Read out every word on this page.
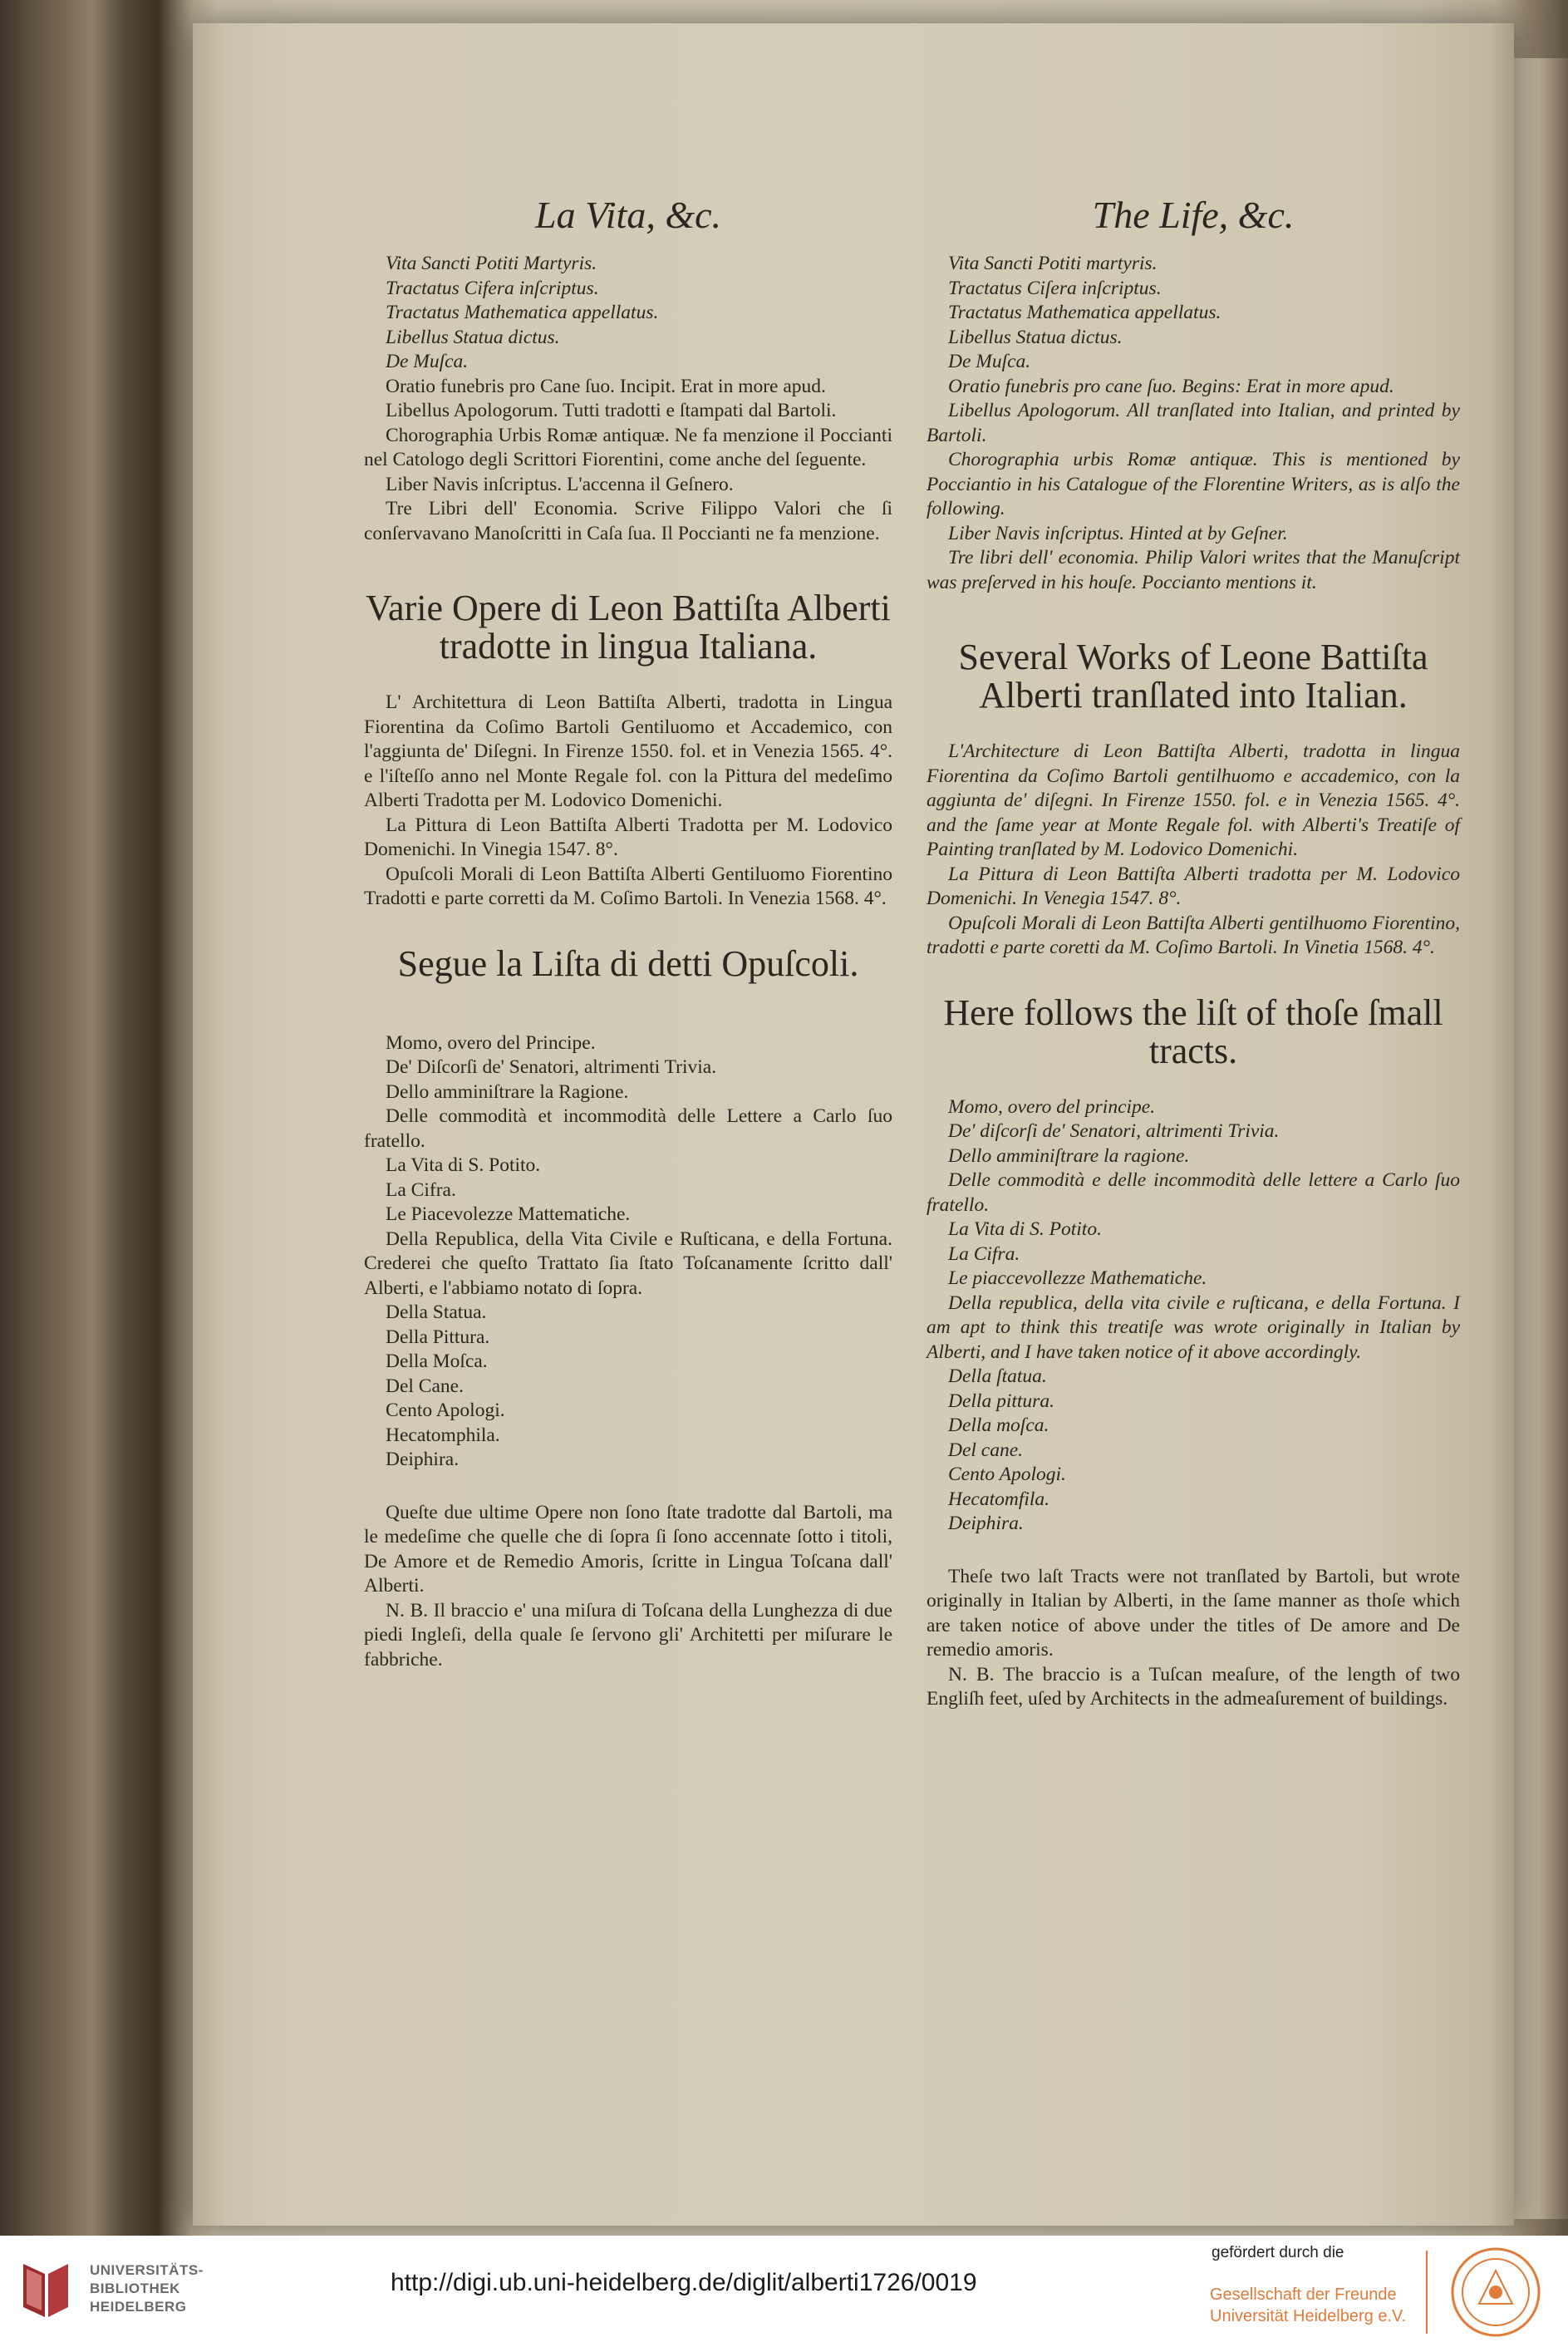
La Vita, &c.

Vita Sancti Potiti Martyris.

Tractatus Cifera inſcriptus.

Tractatus Mathematica appellatus.

Libellus Statua dictus.

De Muſca.

Oratio funebris pro Cane ſuo. Incipit. Erat in more apud.

Libellus Apologorum. Tutti tradotti e ſtampati dal Bartoli.

Chorographia Urbis Romæ antiquæ. Ne fa menzione il Poccianti nel Catologo degli Scrittori Fiorentini, come anche del ſeguente.

Liber Navis inſcriptus. L'accenna il Geſnero.

Tre Libri dell' Economia. Scrive Filippo Valori che ſi conſervavano Manoſcritti in Caſa ſua. Il Poccianti ne fa menzione.

Varie Opere di Leon Battiſta Alberti tradotte in lingua Italiana.

L' Architettura di Leon Battiſta Alberti, tradotta in Lingua Fiorentina da Coſimo Bartoli Gentiluomo et Accademico, con l'aggiunta de' Diſegni. In Firenze 1550. fol. et in Venezia 1565. 4°. e l'iſteſſo anno nel Monte Regale fol. con la Pittura del medeſimo Alberti Tradotta per M. Lodovico Domenichi.

La Pittura di Leon Battiſta Alberti Tradotta per M. Lodovico Domenichi. In Vinegia 1547. 8°.

Opuſcoli Morali di Leon Battiſta Alberti Gentiluomo Fiorentino Tradotti e parte corretti da M. Coſimo Bartoli. In Venezia 1568. 4°.

Segue la Liſta di detti Opuſcoli.

Momo, overo del Principe.

De' Diſcorſi de' Senatori, altrimenti Trivia.

Dello amminiſtrare la Ragione.

Delle commodità et incommodità delle Lettere a Carlo ſuo fratello.

La Vita di S. Potito.

La Cifra.

Le Piacevolezze Mattematiche.

Della Republica, della Vita Civile e Ruſticana, e della Fortuna. Crederei che queſto Trattato ſia ſtato Toſcanamente ſcritto dall' Alberti, e l'abbiamo notato di ſopra.

Della Statua.

Della Pittura.

Della Moſca.

Del Cane.

Cento Apologi.

Hecatomphila.

Deiphira.

Queſte due ultime Opere non ſono ſtate tradotte dal Bartoli, ma le medeſime che quelle che di ſopra ſi ſono accennate ſotto i titoli, De Amore et de Remedio Amoris, ſcritte in Lingua Toſcana dall' Alberti.

N. B. Il braccio e' una miſura di Toſcana della Lunghezza di due piedi Ingleſi, della quale ſe ſervono gli' Architetti per miſurare le fabbriche.

The Life, &c.

Vita Sancti Potiti martyris.

Tractatus Ciſera inſcriptus.

Tractatus Mathematica appellatus.

Libellus Statua dictus.

De Muſca.

Oratio funebris pro cane ſuo. Begins: Erat in more apud.

Libellus Apologorum. All tranſlated into Italian, and printed by Bartoli.

Chorographia urbis Romæ antiquæ. This is mentioned by Pocciantio in his Catalogue of the Florentine Writers, as is alſo the following.

Liber Navis inſcriptus. Hinted at by Geſner.

Tre libri dell' economia. Philip Valori writes that the Manuſcript was preſerved in his houſe. Poccianto mentions it.

Several Works of Leone Battiſta Alberti tranſlated into Italian.

L'Architecture di Leon Battiſta Alberti, tradotta in lingua Fiorentina da Coſimo Bartoli gentilhuomo e accademico, con la aggiunta de' diſegni. In Firenze 1550. fol. e in Venezia 1565. 4°. and the ſame year at Monte Regale fol. with Alberti's Treatiſe of Painting tranſlated by M. Lodovico Domenichi.

La Pittura di Leon Battiſta Alberti tradotta per M. Lodovico Domenichi. In Venegia 1547. 8°.

Opuſcoli Morali di Leon Battiſta Alberti gentilhuomo Fiorentino, tradotti e parte coretti da M. Coſimo Bartoli. In Vinetia 1568. 4°.

Here follows the liſt of thoſe ſmall tracts.

Momo, overo del principe.

De' diſcorſi de' Senatori, altrimenti Trivia.

Dello amminiſtrare la ragione.

Delle commodità e delle incommodità delle lettere a Carlo ſuo fratello.

La Vita di S. Potito.

La Cifra.

Le piaccevollezze Mathematiche.

Della republica, della vita civile e ruſticana, e della Fortuna. I am apt to think this treatiſe was wrote originally in Italian by Alberti, and I have taken notice of it above accordingly.

Della ſtatua.

Della pittura.

Della moſca.

Del cane.

Cento Apologi.

Hecatomfila.

Deiphira.

Theſe two laſt Tracts were not tranſlated by Bartoli, but wrote originally in Italian by Alberti, in the ſame manner as thoſe which are taken notice of above under the titles of De amore and De remedio amoris.

N. B. The braccio is a Tuſcan meaſure, of the length of two Engliſh feet, uſed by Architects in the admeaſurement of buildings.

UNIVERSITÄTS-
BIBLIOTHEK
HEIDELBERG
http://digi.ub.uni-heidelberg.de/diglit/alberti1726/0019
gefördert durch die
Gesellschaft der Freunde
Universität Heidelberg e.V.
